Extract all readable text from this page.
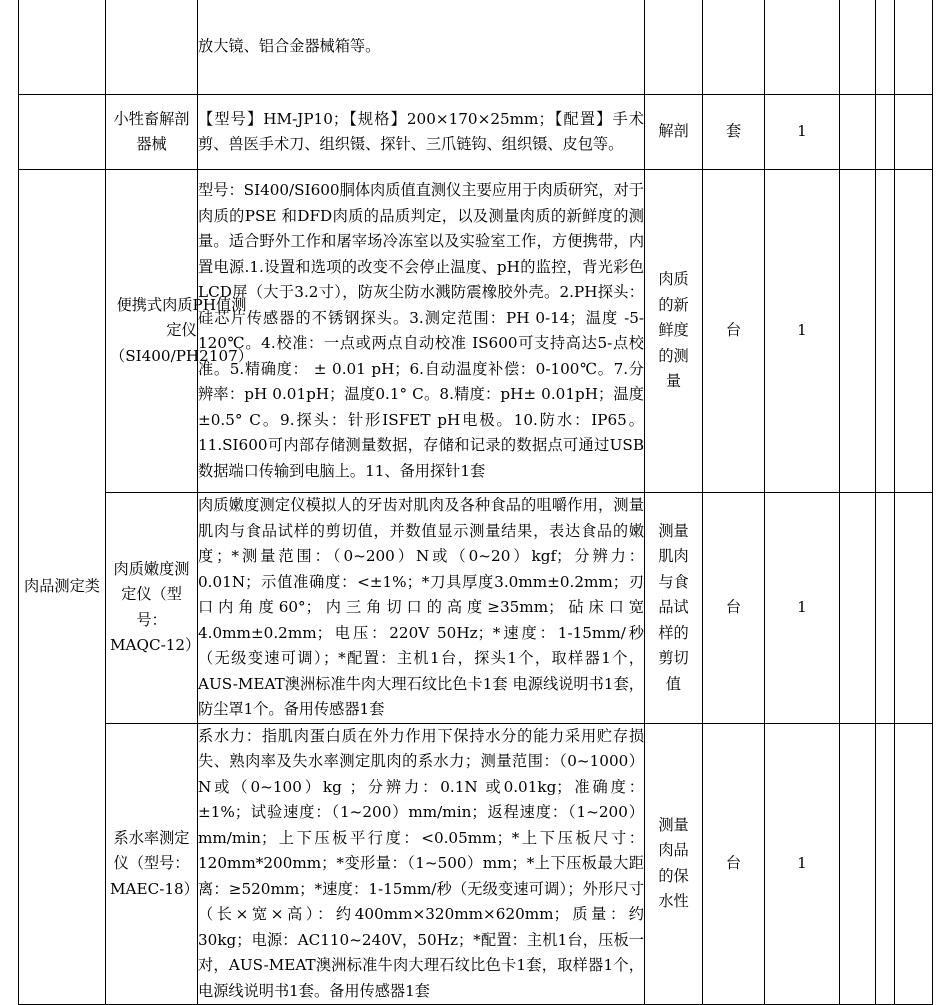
		放大镜、铝合金器械箱等。						

	小牲畜解剖器械	【型号】HM-JP10；【规格】200×170×25mm；【配置】手术剪、兽医手术刀、组织镊、探针、三爪链钩、组织镊、皮包等。	解剖	套	1			
肉品测定类	便携式肉质PH值测定仪（SI400/PH2107）	型号：SI400/SI600胴体肉质值直测仪主要应用于肉质研究，对于肉质的PSE 和DFD肉质的品质判定，以及测量肉质的新鲜度的测量。适合野外工作和屠宰场冷冻室以及实验室工作，方便携带，内置电源.1.设置和选项的改变不会停止温度、pH的监控，背光彩色LCD屏（大于3.2寸），防灰尘防水溅防震橡胶外壳。2.PH探头：硅芯片传感器的不锈钢探头。3.测定范围：PH 0-14；温度 -5-120℃。4.校准：一点或两点自动校准 IS600可支持高达5-点校准。5.精确度： ± 0.01 pH；6.自动温度补偿：0-100℃。7.分辨率：pH 0.01pH；温度0.1° C。8.精度：pH± 0.01pH；温度±0.5° C。9.探头：针形ISFET pH电极。10.防水：IP65。11.SI600可内部存储测量数据，存储和记录的数据点可通过USB数据端口传输到电脑上。11、备用探针1套	肉质的新鲜度的测量	台	1			
	肉质嫩度测定仪（型号：MAQC-12）	肉质嫩度测定仪模拟人的牙齿对肌肉及各种食品的咀嚼作用，测量肌肉与食品试样的剪切值，并数值显示测量结果，表达食品的嫩度；*测量范围：（0~200）N或（0~20）kgf；分辨力：0.01N；示值准确度：<±1%；*刀具厚度3.0mm±0.2mm；刃口内角度60°；内三角切口的高度≥35mm；砧床口宽4.0mm±0.2mm；电压：220V 50Hz；*速度：1-15mm/秒（无级变速可调）；*配置：主机1台，探头1个，取样器1个，AUS-MEAT澳洲标准牛肉大理石纹比色卡1套 电源线说明书1套，防尘罩1个。备用传感器1套	测量肌肉与食品试样的剪切值	台	1			
	系水率测定仪（型号：MAEC-18）	系水力：指肌肉蛋白质在外力作用下保持水分的能力采用贮存损失、熟肉率及失水率测定肌肉的系水力；测量范围：（0~1000）N或（0~100）kg ；分辨力：0.1N 或0.01kg；准确度：±1%；试验速度：（1~200）mm/min；返程速度：（1~200）mm/min；上下压板平行度：<0.05mm；*上下压板尺寸：120mm*200mm；*变形量：（1~500）mm；*上下压板最大距离：≥520mm；*速度：1-15mm/秒（无级变速可调）；外形尺寸（长×宽×高）：约400mm×320mm×620mm；质量：约30kg；电源：AC110~240V，50Hz；*配置：主机1台，压板一对，AUS-MEAT澳洲标准牛肉大理石纹比色卡1套，取样器1个，电源线说明书1套。备用传感器1套	测量肉品的保水性	台	1			
